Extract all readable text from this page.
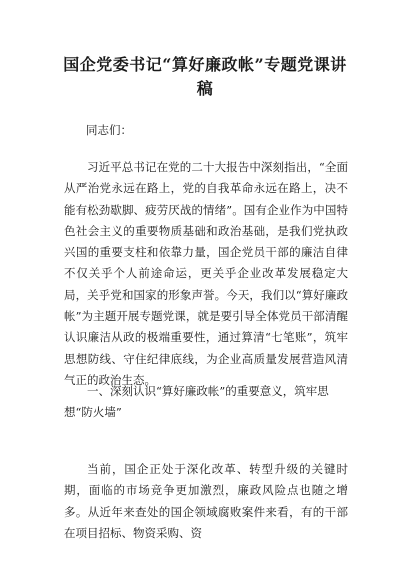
国企党委书记“算好廉政帐”专题党课讲稿
同志们：

习近平总书记在党的二十大报告中深刻指出，“全面从严治党永远在路上，党的自我革命永远在路上，决不能有松劲歇脚、疲劳厌战的情绪”。国有企业作为中国特色社会主义的重要物质基础和政治基础，是我们党执政兴国的重要支柱和依靠力量，国企党员干部的廉洁自律不仅关乎个人前途命运，更关乎企业改革发展稳定大局，关乎党和国家的形象声誉。今天，我们以“算好廉政帐”为主题开展专题党课，就是要引导全体党员干部清醒认识廉洁从政的极端重要性，通过算清“七笔账”，筑牢思想防线、守住纪律底线，为企业高质量发展营造风清气正的政治生态。

一、深刻认识“算好廉政帐”的重要意义，筑牢思想“防火墙”

当前，国企正处于深化改革、转型升级的关键时期，面临的市场竞争更加激烈，廉政风险点也随之增多。从近年来查处的国企领域腐败案件来看，有的干部在项目招标、物资采购、资
